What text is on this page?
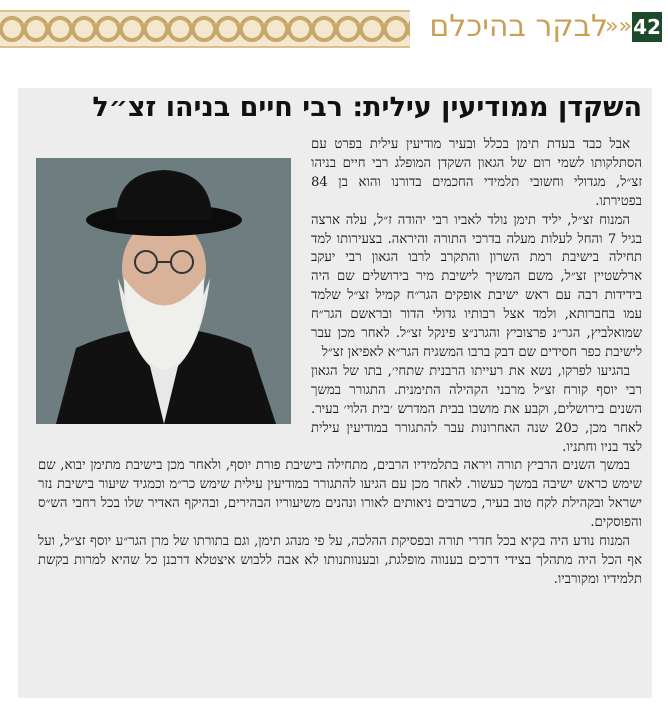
לבקר בהיכלם
»» 42
השקדן ממודיעין עילית: רבי חיים בניהו זצ״ל

אבל כבד בעדת תימן בכלל ובעיר מודיעין עילית בפרט עם הסתלקותו לשמי רום של הגאון השקדן המופלג רבי חיים בניהו זצ״ל, מגדולי וחשובי תלמידי החכמים בדורנו והוא בן 84 בפטירתו.

המנוח זצ״ל, יליד תימן נולד לאביו רבי יהודה ז״ל, עלה ארצה בגיל 7 והחל לעלות מעלה בדרכי התורה והיראה. בצעירותו למד תחילה בישיבת רמת השרון והתקרב לרבו הגאון רבי יעקב ארלשטיין זצ״ל, משם המשיך לישיבת מיר בירושלים שם היה בידידות רבה עם ראש ישיבת אופקים הגר״ח קמיל זצ״ל שלמד עמו בחברותא, ולמד אצל רבותיו גדולי הדור ובראשם הגר״ח שמואלביץ, הגר״נ פרצוביץ והגרנ״צ פינקל זצ״ל. לאחר מכן עבר לישיבת כפר חסידים שם דבק ברבו המשגיח הגר״א לאפיאן זצ״ל

בהגיעו לפרקו, נשא את רעייתו הרבנית שתחי׳, בתו של הגאון רבי יוסף קורח זצ״ל מרבני הקהילה התימנית. התגורר במשך השנים בירושלים, וקבע את מושבו בבית המדרש ׳בית הלוי׳ בעיר. לאחר מכן, כ20 שנה האחרונות עבר להתגורר במודיעין עילית לצד בניו וחתניו.

במשך השנים הרביץ תורה ויראה בתלמידיו הרבים, מתחילה בישיבת פורת יוסף, ולאחר מכן בישיבת מתימן יבוא, שם שימש כראש ישיבה במשך כעשור. לאחר מכן עם הגיעו להתגורר במודיעין עילית שימש כר״מ וכמגיד שיעור בישיבת נזר ישראל ובקהילת לקח טוב בעיר, כשרבים ניאותים לאורו ונהנים משיעוריו הבהירים, ובהיקף האדיר שלו בכל רחבי הש״ס והפוסקים.

המנוח נודע היה בקיא בכל חדרי תורה ובפסיקת ההלכה, על פי מנהג תימן, וגם בתורתו של מרן הגר״ע יוסף זצ״ל, ועל אף הכל היה מתהלך בצידי דרכים בענווה מופלגת, ובענוותנותו לא אבה ללבוש איצטלא דרבנן כל שהיא למרות בקשת תלמידיו ומקורביו.
